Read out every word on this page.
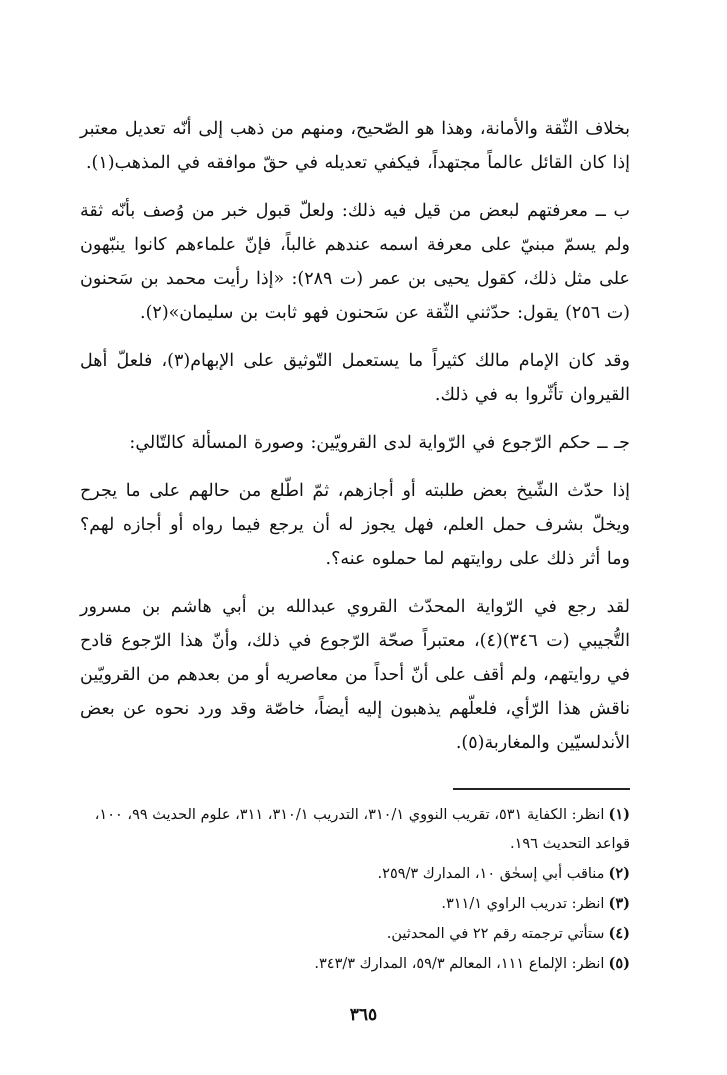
بخلاف الثّقة والأمانة، وهذا هو الصّحيح، ومنهم من ذهب إلى أنّه تعديل معتبر إذا كان القائل عالماً مجتهداً، فيكفي تعديله في حقّ موافقه في المذهب(١).

ب ــ معرفتهم لبعض من قيل فيه ذلك: ولعلّ قبول خبر من وُصف بأنّه ثقة ولم يسمّ مبنيّ على معرفة اسمه عندهم غالباً، فإنّ علماءهم كانوا ينبّهون على مثل ذلك، كقول يحيى بن عمر (ت ٢٨٩): «إذا رأيت محمد بن سَحنون (ت ٢٥٦) يقول: حدّثني الثّقة عن سَحنون فهو ثابت بن سليمان»(٢).

وقد كان الإمام مالك كثيراً ما يستعمل التّوثيق على الإبهام(٣)، فلعلّ أهل القيروان تأثّروا به في ذلك.

جـ ــ حكم الرّجوع في الرّواية لدى القرويّين: وصورة المسألة كالتّالي:

إذا حدّث الشّيخ بعض طلبته أو أجازهم، ثمّ اطّلع من حالهم على ما يجرح ويخلّ بشرف حمل العلم، فهل يجوز له أن يرجع فيما رواه أو أجازه لهم؟ وما أثر ذلك على روايتهم لما حملوه عنه؟.

لقد رجع في الرّواية المحدّث القروي عبدالله بن أبي هاشم بن مسرور التُّجيبي (ت ٣٤٦)(٤)، معتبراً صحّة الرّجوع في ذلك، وأنّ هذا الرّجوع قادح في روايتهم، ولم أقف على أنّ أحداً من معاصريه أو من بعدهم من القرويّين ناقش هذا الرّأي، فلعلّهم يذهبون إليه أيضاً، خاصّة وقد ورد نحوه عن بعض الأندلسيّين والمغاربة(٥).

(١)انظر: الكفاية ٥٣١، تقريب النووي ٣١٠/١، التدريب ٣١٠/١، ٣١١، علوم الحديث ٩٩، ١٠٠، قواعد التحديث ١٩٦.

(٢)مناقب أبي إسحٰق ١٠، المدارك ٢٥٩/٣.

(٣)انظر: تدريب الراوي ٣١١/١.

(٤)ستأتي ترجمته رقم ٢٢ في المحدثين.

(٥)انظر: الإلماع ١١١، المعالم ٥٩/٣، المدارك ٣٤٣/٣.

٣٦٥
